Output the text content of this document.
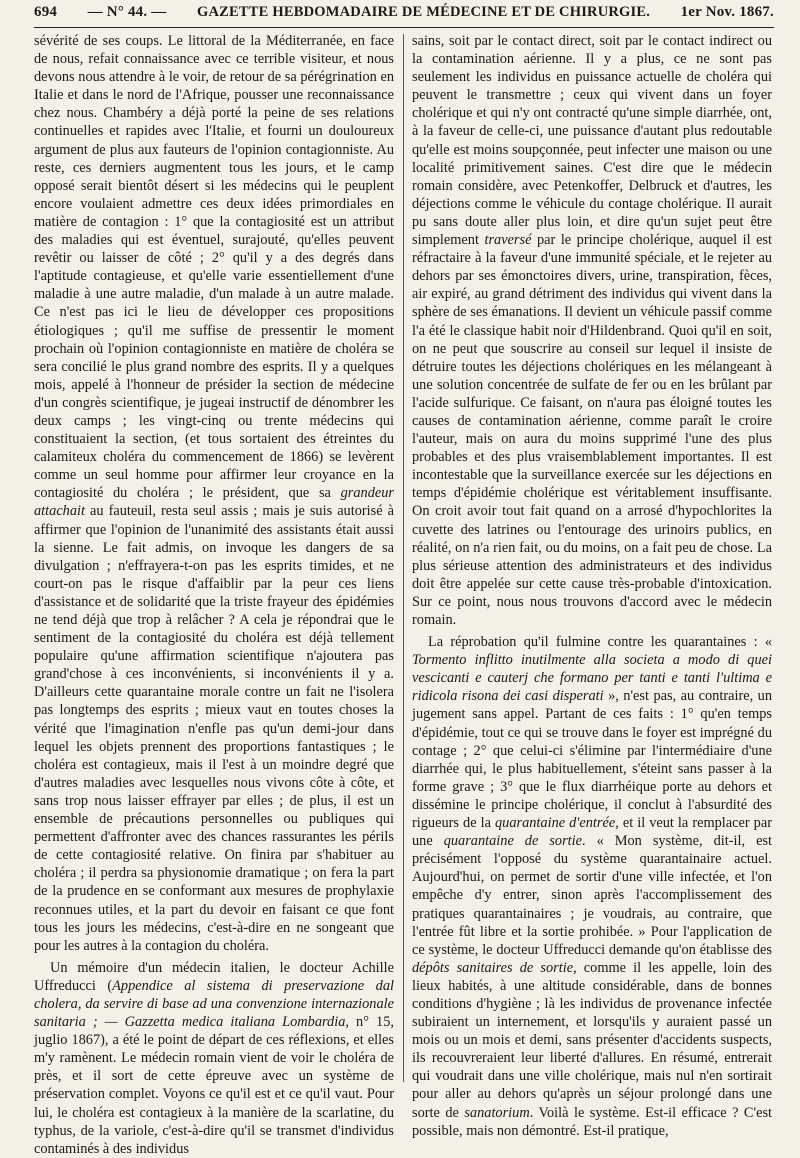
694 — N° 44. — GAZETTE HEBDOMADAIRE DE MÉDECINE ET DE CHIRURGIE. 1er Nov. 1867.

sévérité de ses coups. Le littoral de la Méditerranée, en face de nous, refait connaissance avec ce terrible visiteur, et nous devons nous attendre à le voir, de retour de sa pérégrination en Italie et dans le nord de l'Afrique, pousser une reconnaissance chez nous. Chambéry a déjà porté la peine de ses relations continuelles et rapides avec l'Italie, et fourni un douloureux argument de plus aux fauteurs de l'opinion contagionniste. Au reste, ces derniers augmentent tous les jours, et le camp opposé serait bientôt désert si les médecins qui le peuplent encore voulaient admettre ces deux idées primordiales en matière de contagion : 1° que la contagiosité est un attribut des maladies qui est éventuel, surajouté, qu'elles peuvent revêtir ou laisser de côté ; 2° qu'il y a des degrés dans l'aptitude contagieuse, et qu'elle varie essentiellement d'une maladie à une autre maladie, d'un malade à un autre malade. Ce n'est pas ici le lieu de développer ces propositions étiologiques ; qu'il me suffise de pressentir le moment prochain où l'opinion contagionniste en matière de choléra se sera concilié le plus grand nombre des esprits. Il y a quelques mois, appelé à l'honneur de présider la section de médecine d'un congrès scientifique, je jugeai instructif de dénombrer les deux camps ; les vingt-cinq ou trente médecins qui constituaient la section, (et tous sortaient des étreintes du calamiteux choléra du commencement de 1866) se levèrent comme un seul homme pour affirmer leur croyance en la contagiosité du choléra ; le président, que sa grandeur attachait au fauteuil, resta seul assis ; mais je suis autorisé à affirmer que l'opinion de l'unanimité des assistants était aussi la sienne. Le fait admis, on invoque les dangers de sa divulgation ; n'effrayera-t-on pas les esprits timides, et ne court-on pas le risque d'affaiblir par la peur ces liens d'assistance et de solidarité que la triste frayeur des épidémies ne tend déjà que trop à relâcher ? A cela je répondrai que le sentiment de la contagiosité du choléra est déjà tellement populaire qu'une affirmation scientifique n'ajoutera pas grand'chose à ces inconvénients, si inconvénients il y a. D'ailleurs cette quarantaine morale contre un fait ne l'isolera pas longtemps des esprits ; mieux vaut en toutes choses la vérité que l'imagination n'enfle pas qu'un demi-jour dans lequel les objets prennent des proportions fantastiques ; le choléra est contagieux, mais il l'est à un moindre degré que d'autres maladies avec lesquelles nous vivons côte à côte, et sans trop nous laisser effrayer par elles ; de plus, il est un ensemble de précautions personnelles ou publiques qui permettent d'affronter avec des chances rassurantes les périls de cette contagiosité relative. On finira par s'habituer au choléra ; il perdra sa physionomie dramatique ; on fera la part de la prudence en se conformant aux mesures de prophylaxie reconnues utiles, et la part du devoir en faisant ce que font tous les jours les médecins, c'est-à-dire en ne songeant que pour les autres à la contagion du choléra.

Un mémoire d'un médecin italien, le docteur Achille Uffreducci (Appendice al sistema di preservazione dal cholera, da servire di base ad una convenzione internazionale sanitaria ; — Gazzetta medica italiana Lombardia, n° 15, juglio 1867), a été le point de départ de ces réflexions, et elles m'y ramènent. Le médecin romain vient de voir le choléra de près, et il sort de cette épreuve avec un système de préservation complet. Voyons ce qu'il est et ce qu'il vaut. Pour lui, le choléra est contagieux à la manière de la scarlatine, du typhus, de la variole, c'est-à-dire qu'il se transmet d'individus contaminés à des individus

sains, soit par le contact direct, soit par le contact indirect ou la contamination aérienne. Il y a plus, ce ne sont pas seulement les individus en puissance actuelle de choléra qui peuvent le transmettre ; ceux qui vivent dans un foyer cholérique et qui n'y ont contracté qu'une simple diarrhée, ont, à la faveur de celle-ci, une puissance d'autant plus redoutable qu'elle est moins soupçonnée, peut infecter une maison ou une localité primitivement saines. C'est dire que le médecin romain considère, avec Petenkoffer, Delbruck et d'autres, les déjections comme le véhicule du contage cholérique. Il aurait pu sans doute aller plus loin, et dire qu'un sujet peut être simplement traversé par le principe cholérique, auquel il est réfractaire à la faveur d'une immunité spéciale, et le rejeter au dehors par ses émonctoires divers, urine, transpiration, fèces, air expiré, au grand détriment des individus qui vivent dans la sphère de ses émanations. Il devient un véhicule passif comme l'a été le classique habit noir d'Hildenbrand. Quoi qu'il en soit, on ne peut que souscrire au conseil sur lequel il insiste de détruire toutes les déjections cholériques en les mélangeant à une solution concentrée de sulfate de fer ou en les brûlant par l'acide sulfurique. Ce faisant, on n'aura pas éloigné toutes les causes de contamination aérienne, comme paraît le croire l'auteur, mais on aura du moins supprimé l'une des plus probables et des plus vraisemblablement importantes. Il est incontestable que la surveillance exercée sur les déjections en temps d'épidémie cholérique est véritablement insuffisante. On croit avoir tout fait quand on a arrosé d'hypochlorites la cuvette des latrines ou l'entourage des urinoirs publics, en réalité, on n'a rien fait, ou du moins, on a fait peu de chose. La plus sérieuse attention des administrateurs et des individus doit être appelée sur cette cause très-probable d'intoxication. Sur ce point, nous nous trouvons d'accord avec le médecin romain.

La réprobation qu'il fulmine contre les quarantaines : « Tormento inflitto inutilmente alla societa a modo di quei vescicanti e cauterj che formano per tanti e tanti l'ultima e ridicola risona dei casi disperati », n'est pas, au contraire, un jugement sans appel. Partant de ces faits : 1° qu'en temps d'épidémie, tout ce qui se trouve dans le foyer est imprégné du contage ; 2° que celui-ci s'élimine par l'intermédiaire d'une diarrhée qui, le plus habituellement, s'éteint sans passer à la forme grave ; 3° que le flux diarrhéique porte au dehors et dissémine le principe cholérique, il conclut à l'absurdité des rigueurs de la quarantaine d'entrée, et il veut la remplacer par une quarantaine de sortie. « Mon système, dit-il, est précisément l'opposé du système quarantainaire actuel. Aujourd'hui, on permet de sortir d'une ville infectée, et l'on empêche d'y entrer, sinon après l'accomplissement des pratiques quarantainaires ; je voudrais, au contraire, que l'entrée fût libre et la sortie prohibée. » Pour l'application de ce système, le docteur Uffreducci demande qu'on établisse des dépôts sanitaires de sortie, comme il les appelle, loin des lieux habités, à une altitude considérable, dans de bonnes conditions d'hygiène ; là les individus de provenance infectée subiraient un internement, et lorsqu'ils y auraient passé un mois ou un mois et demi, sans présenter d'accidents suspects, ils recouvreraient leur liberté d'allures. En résumé, entrerait qui voudrait dans une ville cholérique, mais nul n'en sortirait pour aller au dehors qu'après un séjour prolongé dans une sorte de sanatorium. Voilà le système. Est-il efficace ? C'est possible, mais non démontré. Est-il pratique,
